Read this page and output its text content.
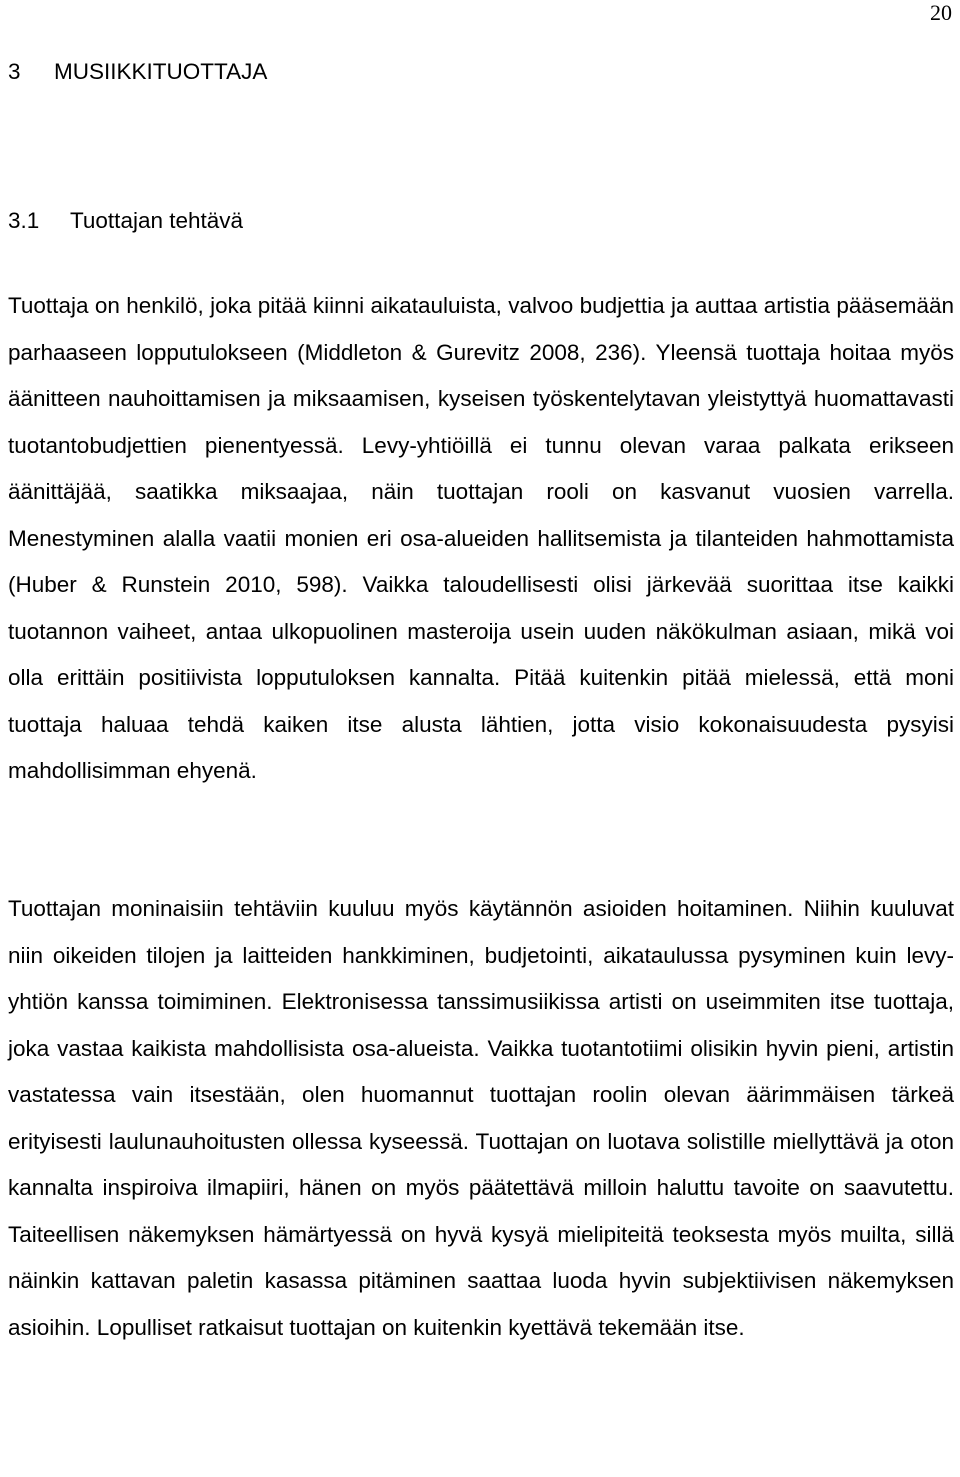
20
3 MUSIIKKITUOTTAJA
3.1 Tuottajan tehtävä

Tuottaja on henkilö, joka pitää kiinni aikatauluista, valvoo budjettia ja auttaa artistia pääsemään parhaaseen lopputulokseen (Middleton & Gurevitz 2008, 236). Yleensä tuottaja hoitaa myös äänitteen nauhoittamisen ja miksaamisen, kyseisen työskentelytavan yleistyttyä huomattavasti tuotantobudjettien pienentyessä. Levy-yhtiöillä ei tunnu olevan varaa palkata erikseen äänittäjää, saatikka miksaajaa, näin tuottajan rooli on kasvanut vuosien varrella. Menestyminen alalla vaatii monien eri osa-alueiden hallitsemista ja tilanteiden hahmottamista (Huber & Runstein 2010, 598). Vaikka taloudellisesti olisi järkevää suorittaa itse kaikki tuotannon vaiheet, antaa ulkopuolinen masteroija usein uuden näkökulman asiaan, mikä voi olla erittäin positiivista lopputuloksen kannalta. Pitää kuitenkin pitää mielessä, että moni tuottaja haluaa tehdä kaiken itse alusta lähtien, jotta visio kokonaisuudesta pysyisi mahdollisimman ehyenä.

Tuottajan moninaisiin tehtäviin kuuluu myös käytännön asioiden hoitaminen. Niihin kuuluvat niin oikeiden tilojen ja laitteiden hankkiminen, budjetointi, aikataulussa pysyminen kuin levy-yhtiön kanssa toimiminen. Elektronisessa tanssimusiikissa artisti on useimmiten itse tuottaja, joka vastaa kaikista mahdollisista osa-alueista. Vaikka tuotantotiimi olisikin hyvin pieni, artistin vastatessa vain itsestään, olen huomannut tuottajan roolin olevan äärimmäisen tärkeä erityisesti laulunauhoitusten ollessa kyseessä. Tuottajan on luotava solistille miellyttävä ja oton kannalta inspiroiva ilmapiiri, hänen on myös päätettävä milloin haluttu tavoite on saavutettu. Taiteellisen näkemyksen hämärtyessä on hyvä kysyä mielipiteitä teoksesta myös muilta, sillä näinkin kattavan paletin kasassa pitäminen saattaa luoda hyvin subjektiivisen näkemyksen asioihin. Lopulliset ratkaisut tuottajan on kuitenkin kyettävä tekemään itse.
